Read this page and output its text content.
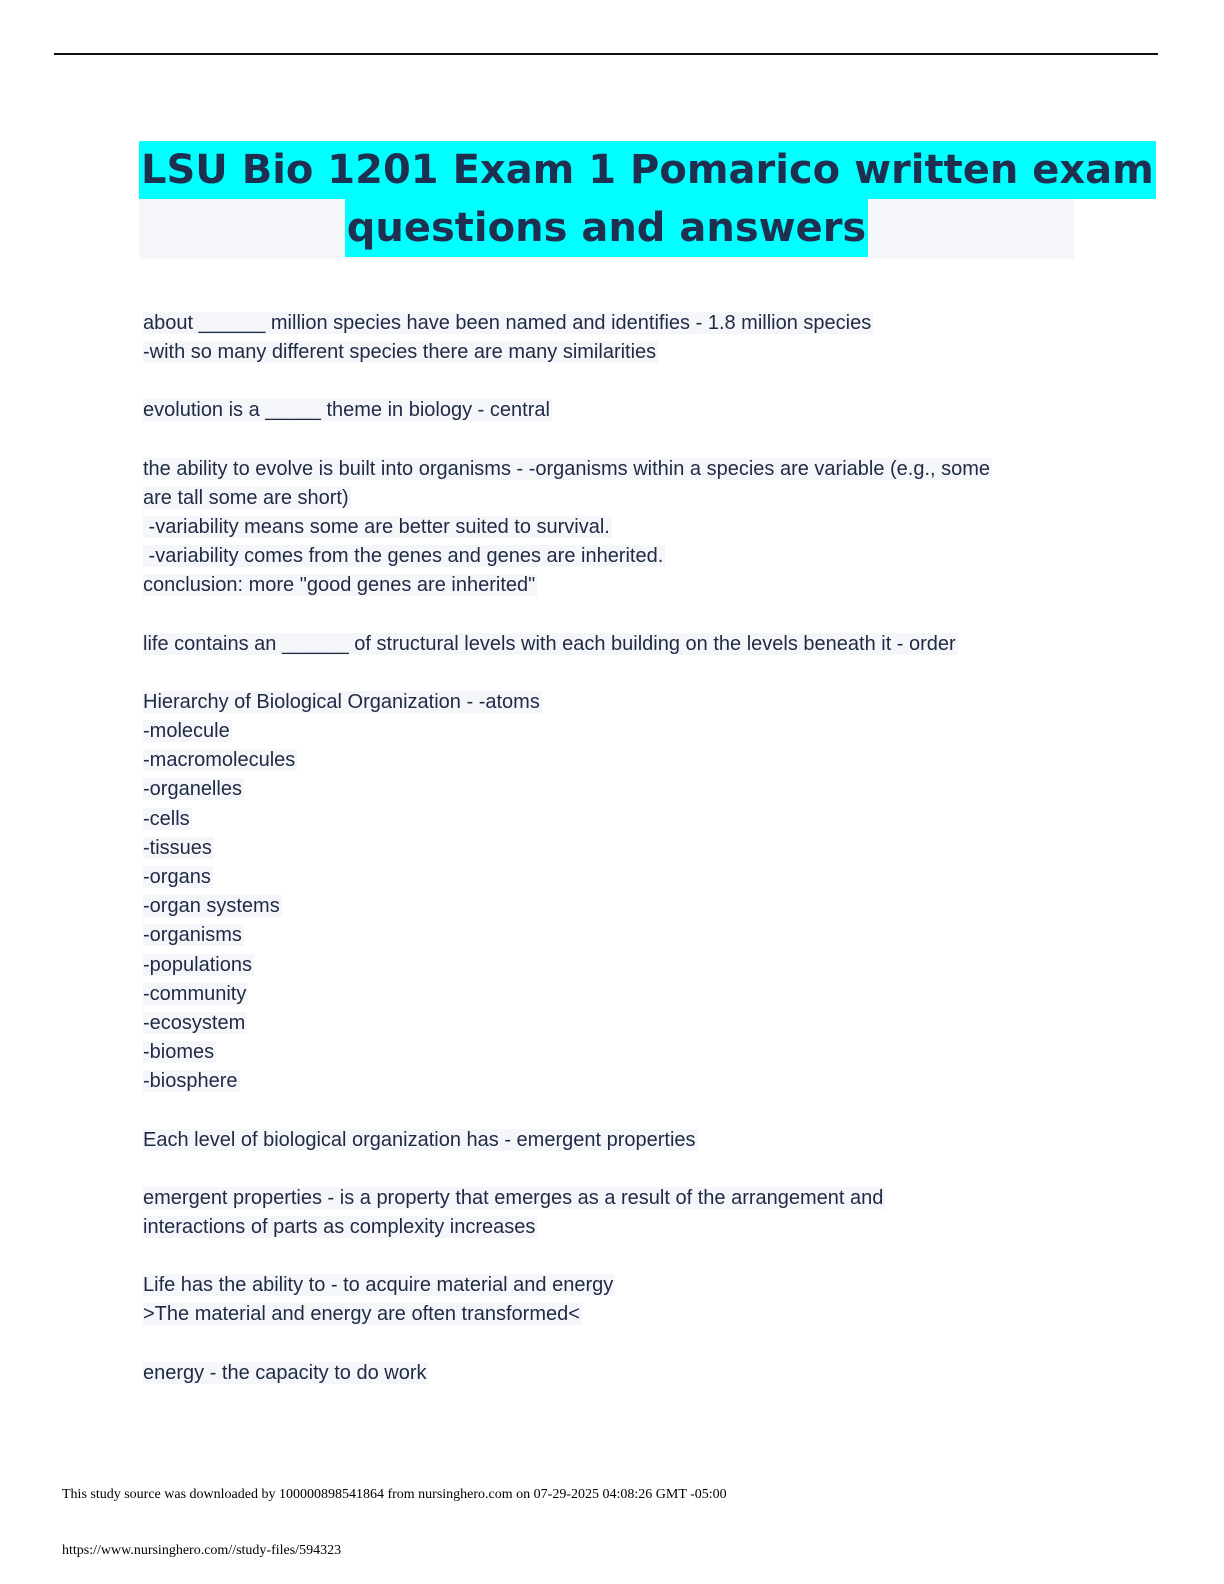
LSU Bio 1201 Exam 1 Pomarico written exam
questions and answers
about ______ million species have been named and identifies - 1.8 million species
-with so many different species there are many similarities
evolution is a _____ theme in biology - central
the ability to evolve is built into organisms - -organisms within a species are variable (e.g., some
are tall some are short)
-variability means some are better suited to survival.
-variability comes from the genes and genes are inherited.
conclusion: more "good genes are inherited"
life contains an ______ of structural levels with each building on the levels beneath it - order
Hierarchy of Biological Organization - -atoms
-molecule
-macromolecules
-organelles
-cells
-tissues
-organs
-organ systems
-organisms
-populations
-community
-ecosystem
-biomes
-biosphere
Each level of biological organization has - emergent properties
emergent properties - is a property that emerges as a result of the arrangement and
interactions of parts as complexity increases
Life has the ability to - to acquire material and energy
>The material and energy are often transformed<
energy - the capacity to do work
This study source was downloaded by 100000898541864 from nursinghero.com on 07-29-2025 04:08:26 GMT -05:00
https://www.nursinghero.com//study-files/594323
